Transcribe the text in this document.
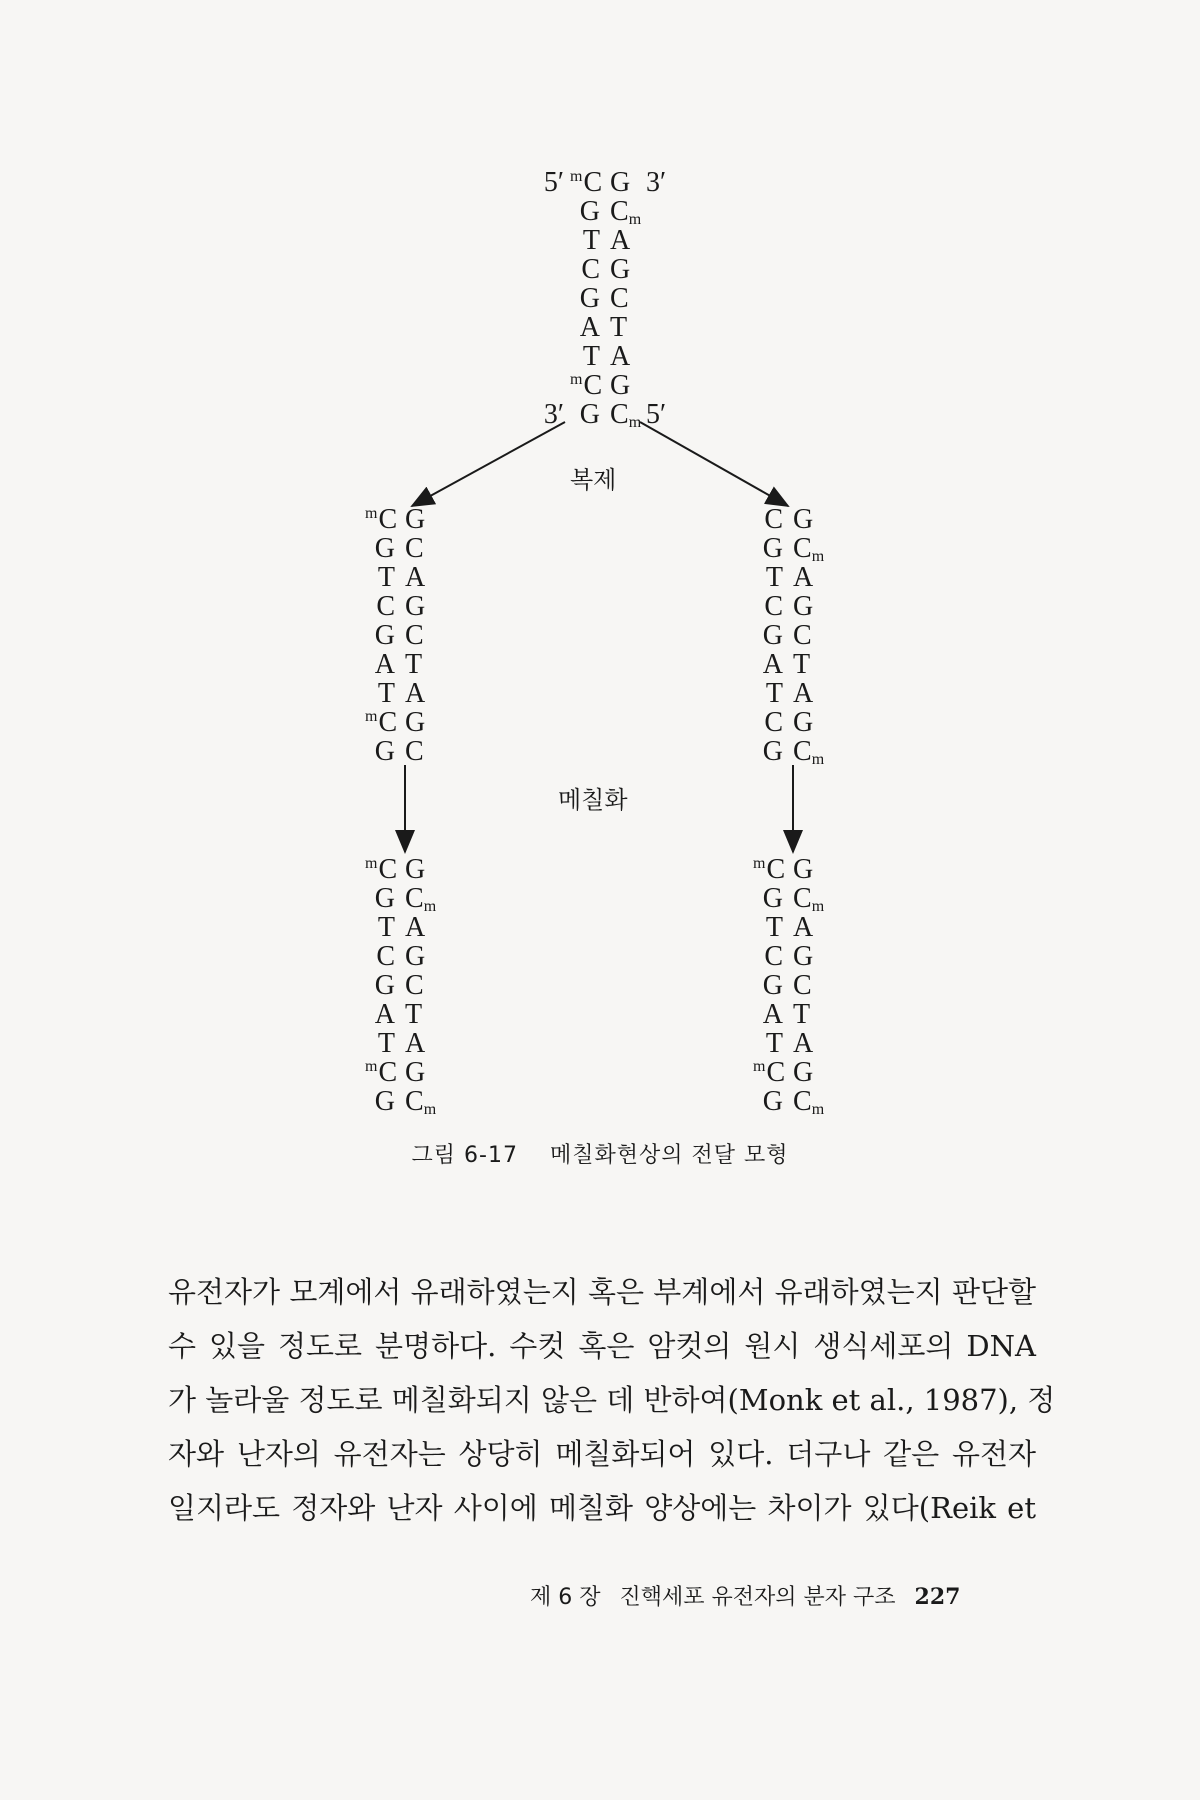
$^m$C G
5′	3′
G Cm
T A
C G
G C
A T
T A
$^m$C G
G Cm
3′	5′
$^m$C G
G C
T A
C G
G C
A T
T A
$^m$C G
G C
C G
G Cm
T A
C G
G C
A T
T A
C G
G Cm
$^m$C G
G Cm
T A
C G
G C
A T
T A
$^m$C G
G Cm
$^m$C G
G Cm
T A
C G
G C
A T
T A
$^m$C G
G Cm
복제
메칠화
그림 6-17 메칠화현상의 전달 모형
유전자가 모계에서 유래하였는지 혹은 부계에서 유래하였는지 판단할
수 있을 정도로 분명하다. 수컷 혹은 암컷의 원시 생식세포의 DNA
가 놀라울 정도로 메칠화되지 않은 데 반하여(Monk et al., 1987), 정
자와 난자의 유전자는 상당히 메칠화되어 있다. 더구나 같은 유전자
일지라도 정자와 난자 사이에 메칠화 양상에는 차이가 있다(Reik et
제 6 장 진핵세포 유전자의 분자 구조 227
